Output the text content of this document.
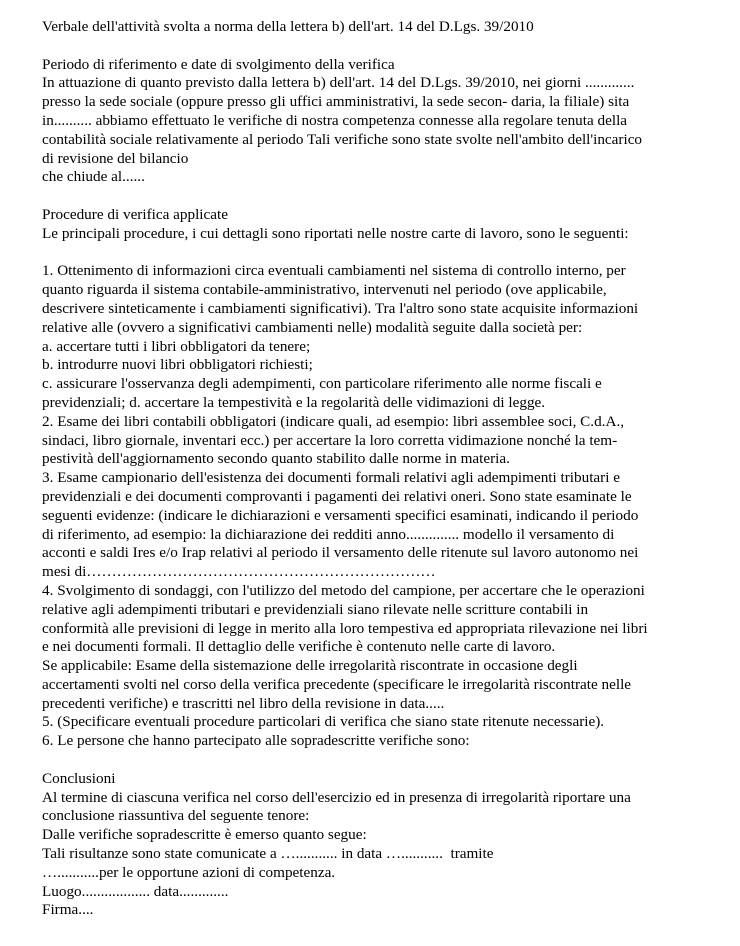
Verbale dell'attività svolta a norma della lettera b) dell'art. 14 del D.Lgs. 39/2010
Periodo di riferimento e date di svolgimento della verifica
In attuazione di quanto previsto dalla lettera b) dell'art. 14 del D.Lgs. 39/2010, nei giorni .............
presso la sede sociale (oppure presso gli uffici amministrativi, la sede secon- daria, la filiale) sita
in.......... abbiamo effettuato le verifiche di nostra competenza connesse alla regolare tenuta della
contabilità sociale relativamente al periodo Tali verifiche sono state svolte nell'ambito dell'incarico
di revisione del bilancio
che chiude al......
Procedure di verifica applicate
Le principali procedure, i cui dettagli sono riportati nelle nostre carte di lavoro, sono le seguenti:
1. Ottenimento di informazioni circa eventuali cambiamenti nel sistema di controllo interno, per
quanto riguarda il sistema contabile-amministrativo, intervenuti nel periodo (ove applicabile,
descrivere sinteticamente i cambiamenti significativi). Tra l'altro sono state acquisite informazioni
relative alle (ovvero a significativi cambiamenti nelle) modalità seguite dalla società per:
a. accertare tutti i libri obbligatori da tenere;
b. introdurre nuovi libri obbligatori richiesti;
c. assicurare l'osservanza degli adempimenti, con particolare riferimento alle norme fiscali e
previdenziali; d. accertare la tempestività e la regolarità delle vidimazioni di legge.
2. Esame dei libri contabili obbligatori (indicare quali, ad esempio: libri assemblee soci, C.d.A.,
sindaci, libro giornale, inventari ecc.) per accertare la loro corretta vidimazione nonché la tem-
pestività dell'aggiornamento secondo quanto stabilito dalle norme in materia.
3. Esame campionario dell'esistenza dei documenti formali relativi agli adempimenti tributari e
previdenziali e dei documenti comprovanti i pagamenti dei relativi oneri. Sono state esaminate le
seguenti evidenze: (indicare le dichiarazioni e versamenti specifici esaminati, indicando il periodo
di riferimento, ad esempio: la dichiarazione dei redditi anno.............. modello il versamento di
acconti e saldi Ires e/o Irap relativi al periodo il versamento delle ritenute sul lavoro autonomo nei
mesi di……………………………………………………………
4. Svolgimento di sondaggi, con l'utilizzo del metodo del campione, per accertare che le operazioni
relative agli adempimenti tributari e previdenziali siano rilevate nelle scritture contabili in
conformità alle previsioni di legge in merito alla loro tempestiva ed appropriata rilevazione nei libri
e nei documenti formali. Il dettaglio delle verifiche è contenuto nelle carte di lavoro.
Se applicabile: Esame della sistemazione delle irregolarità riscontrate in occasione degli
accertamenti svolti nel corso della verifica precedente (specificare le irregolarità riscontrate nelle
precedenti verifiche) e trascritti nel libro della revisione in data.....
5. (Specificare eventuali procedure particolari di verifica che siano state ritenute necessarie).
6. Le persone che hanno partecipato alle sopradescritte verifiche sono:
Conclusioni
Al termine di ciascuna verifica nel corso dell'esercizio ed in presenza di irregolarità riportare una
conclusione riassuntiva del seguente tenore:
Dalle verifiche sopradescritte è emerso quanto segue:
Tali risultanze sono state comunicate a …........... in data …...........  tramite
…...........per le opportune azioni di competenza.
Luogo.................. data.............
Firma....
